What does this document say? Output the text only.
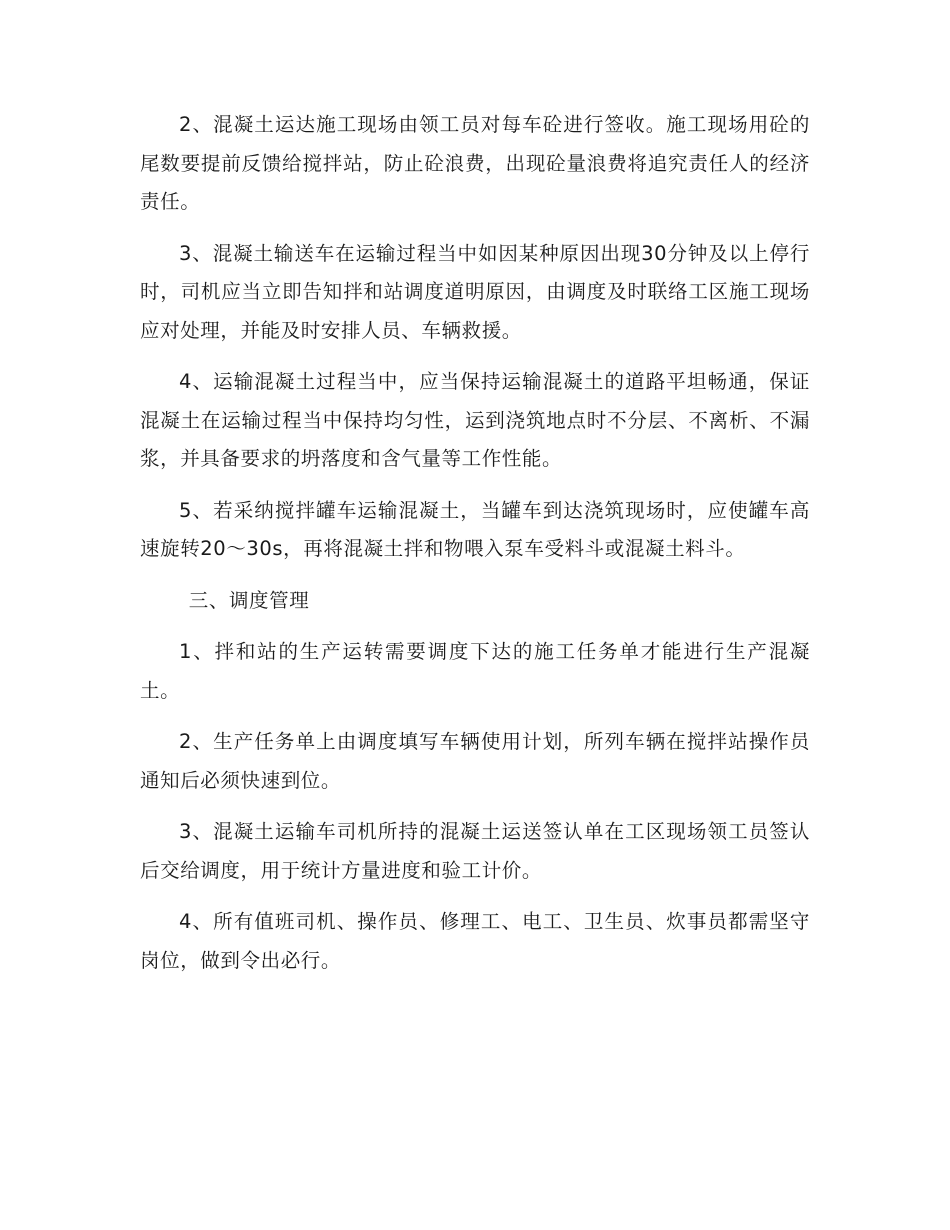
2、混凝土运达施工现场由领工员对每车砼进行签收。施工现场用砼的尾数要提前反馈给搅拌站，防止砼浪费，出现砼量浪费将追究责任人的经济责任。

3、混凝土输送车在运输过程当中如因某种原因出现30分钟及以上停行时，司机应当立即告知拌和站调度道明原因，由调度及时联络工区施工现场应对处理，并能及时安排人员、车辆救援。

4、运输混凝土过程当中，应当保持运输混凝土的道路平坦畅通，保证混凝土在运输过程当中保持均匀性，运到浇筑地点时不分层、不离析、不漏浆，并具备要求的坍落度和含气量等工作性能。

5、若采纳搅拌罐车运输混凝土，当罐车到达浇筑现场时，应使罐车高速旋转20～30s，再将混凝土拌和物喂入泵车受料斗或混凝土料斗。

三、调度管理

1、拌和站的生产运转需要调度下达的施工任务单才能进行生产混凝土。

2、生产任务单上由调度填写车辆使用计划，所列车辆在搅拌站操作员通知后必须快速到位。

3、混凝土运输车司机所持的混凝土运送签认单在工区现场领工员签认后交给调度，用于统计方量进度和验工计价。

4、所有值班司机、操作员、修理工、电工、卫生员、炊事员都需坚守岗位，做到令出必行。
